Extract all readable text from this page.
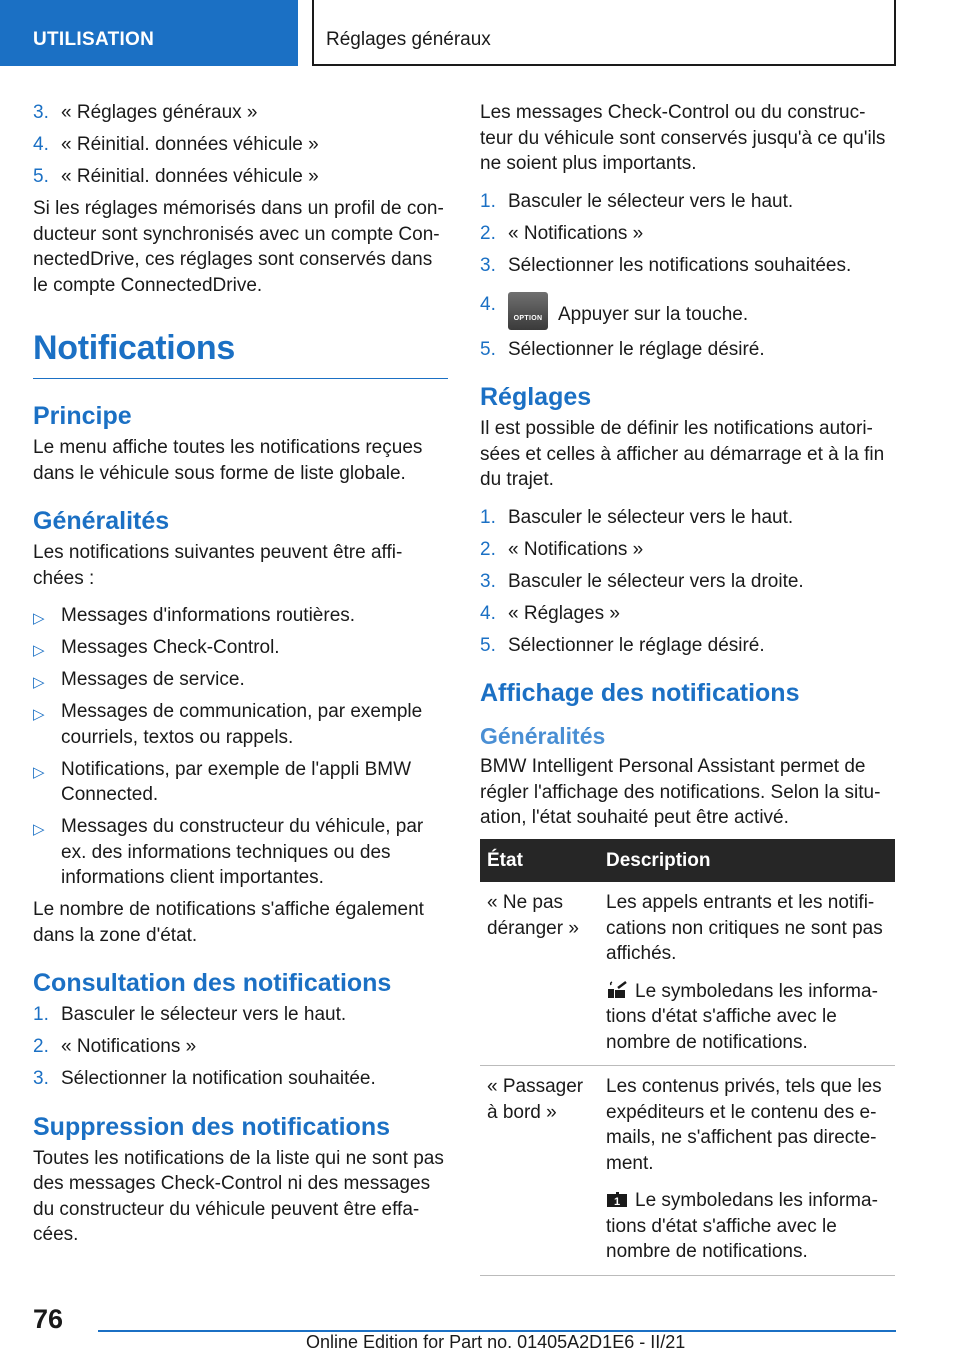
UTILISATION	Réglages généraux
3. « Réglages généraux »
4. « Réinitial. données véhicule »
5. « Réinitial. données véhicule »

Si les réglages mémorisés dans un profil de con-ducteur sont synchronisés avec un compte Con-nectedDrive, ces réglages sont conservés dans le compte ConnectedDrive.

Notifications
Principe

Le menu affiche toutes les notifications reçues dans le véhicule sous forme de liste globale.

Généralités

Les notifications suivantes peuvent être affi-chées :

▷ Messages d'informations routières.
▷ Messages Check-Control.
▷ Messages de service.
▷ Messages de communication, par exemple courriels, textos ou rappels.
▷ Notifications, par exemple de l'appli BMW Connected.
▷ Messages du constructeur du véhicule, par ex. des informations techniques ou des informations client importantes.

Le nombre de notifications s'affiche également dans la zone d'état.

Consultation des notifications
1. Basculer le sélecteur vers le haut.
2. « Notifications »
3. Sélectionner la notification souhaitée.
Suppression des notifications

Toutes les notifications de la liste qui ne sont pas des messages Check-Control ni des messages du constructeur du véhicule peuvent être effa-cées.

Les messages Check-Control ou du construc-teur du véhicule sont conservés jusqu'à ce qu'ils ne soient plus importants.

1. Basculer le sélecteur vers le haut.
2. « Notifications »
3. Sélectionner les notifications souhaitées.
4.
OPTION Appuyer sur la touche.
5. Sélectionner le réglage désiré.
Réglages

Il est possible de définir les notifications autori-sées et celles à afficher au démarrage et à la fin du trajet.

1. Basculer le sélecteur vers le haut.
2. « Notifications »
3. Basculer le sélecteur vers la droite.
4. « Réglages »
5. Sélectionner le réglage désiré.
Affichage des notifications
Généralités

BMW Intelligent Personal Assistant permet de régler l'affichage des notifications. Selon la situ-ation, l'état souhaité peut être activé.

État	Description
« Ne pas déranger »	Les appels entrants et les notifi-cations non critiques ne sont pas affichés.
Le symboledans les informa-tions d'état s'affiche avec le nombre de notifications.

« Passager à bord »	Les contenus privés, tels que les expéditeurs et le contenu des e-mails, ne s'affichent pas directe-ment.
1 Le symboledans les informa-tions d'état s'affiche avec le nombre de notifications.
76
Online Edition for Part no. 01405A2D1E6 - II/21
